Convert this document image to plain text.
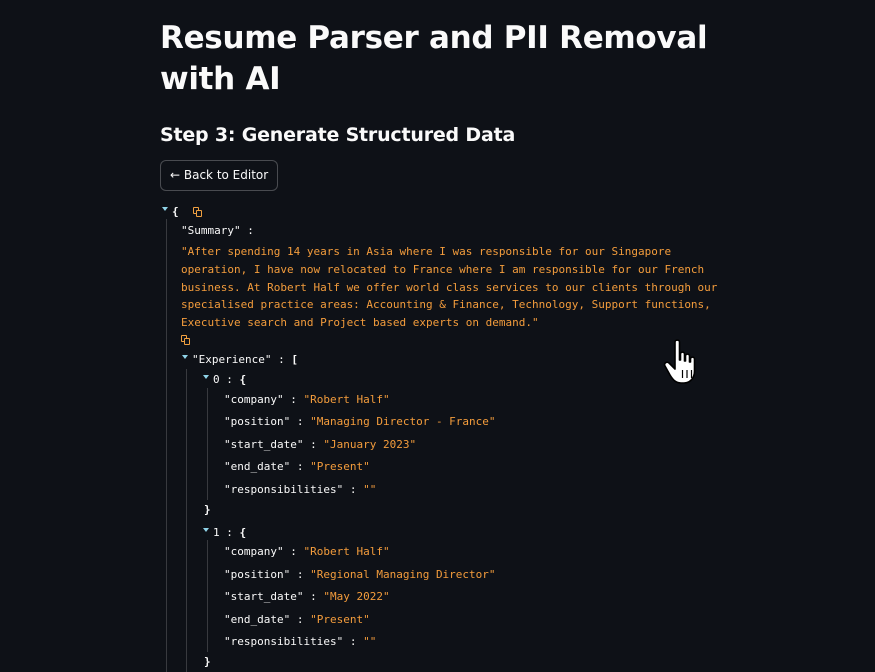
Resume Parser and PII Removal
with AI
Step 3: Generate Structured Data
← Back to Editor
{
"Summary" :
"After spending 14 years in Asia where I was responsible for our Singapore operation, I have now relocated to France where I am responsible for our French business. At Robert Half we offer world class services to our clients through our specialised practice areas: Accounting & Finance, Technology, Support functions, Executive search and Project based experts on demand."
"Experience" : [
0 : {
"company" : "Robert Half"
"position" : "Managing Director - France"
"start_date" : "January 2023"
"end_date" : "Present"
"responsibilities" : ""
}
1 : {
"company" : "Robert Half"
"position" : "Regional Managing Director"
"start_date" : "May 2022"
"end_date" : "Present"
"responsibilities" : ""
}
